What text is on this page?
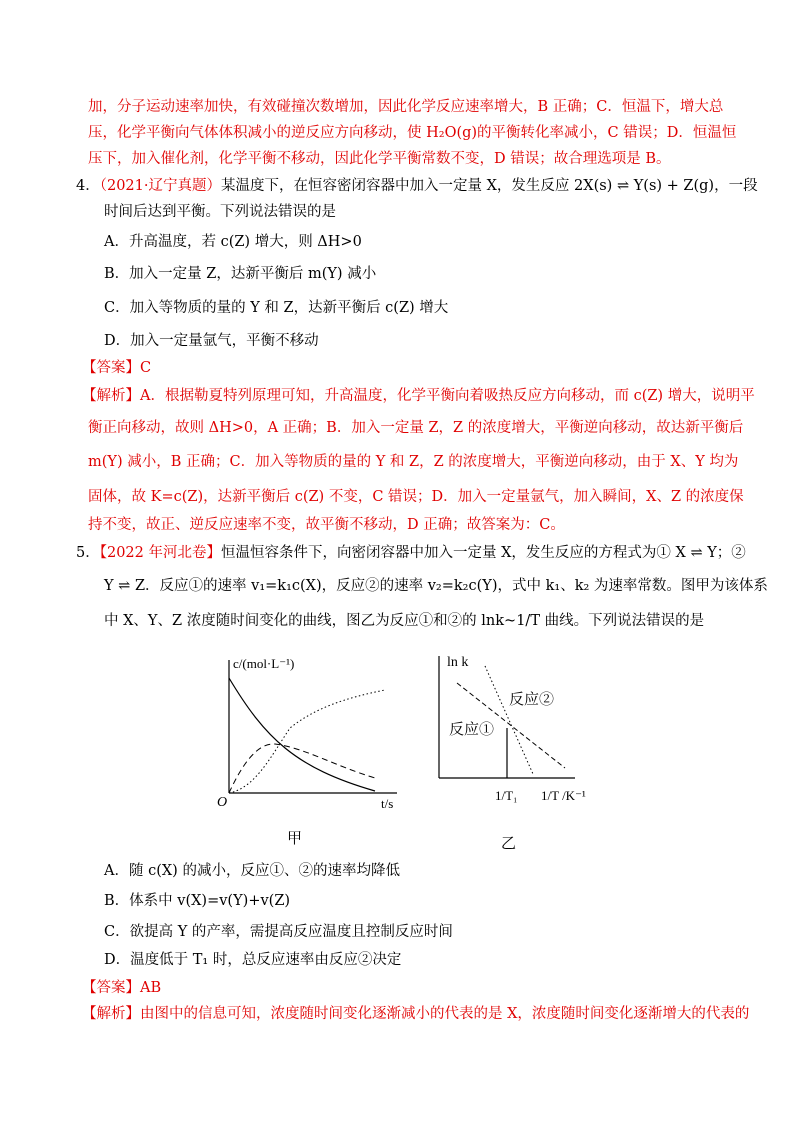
加，分子运动速率加快，有效碰撞次数增加，因此化学反应速率增大，B 正确；C．恒温下，增大总
压，化学平衡向气体体积减小的逆反应方向移动，使 H₂O(g)的平衡转化率减小，C 错误；D．恒温恒
压下，加入催化剂，化学平衡不移动，因此化学平衡常数不变，D 错误；故合理选项是 B。
4．（2021·辽宁真题）某温度下，在恒容密闭容器中加入一定量 X，发生反应 2X(s) ⇌ Y(s) + Z(g)，一段
时间后达到平衡。下列说法错误的是
A．升高温度，若 c(Z) 增大，则 ΔH>0
B．加入一定量 Z，达新平衡后 m(Y) 减小
C．加入等物质的量的 Y 和 Z，达新平衡后 c(Z) 增大
D．加入一定量氩气，平衡不移动
【答案】C
【解析】A．根据勒夏特列原理可知，升高温度，化学平衡向着吸热反应方向移动，而 c(Z) 增大，说明平
衡正向移动，故则 ΔH>0，A 正确；B．加入一定量 Z，Z 的浓度增大，平衡逆向移动，故达新平衡后
m(Y) 减小，B 正确；C．加入等物质的量的 Y 和 Z，Z 的浓度增大，平衡逆向移动，由于 X、Y 均为
固体，故 K=c(Z)，达新平衡后 c(Z) 不变，C 错误；D．加入一定量氩气，加入瞬间，X、Z 的浓度保
持不变，故正、逆反应速率不变，故平衡不移动，D 正确；故答案为：C。
5．【2022 年河北卷】恒温恒容条件下，向密闭容器中加入一定量 X，发生反应的方程式为① X ⇌ Y；②
Y ⇌ Z．反应①的速率 v₁=k₁c(X)，反应②的速率 v₂=k₂c(Y)，式中 k₁、k₂ 为速率常数。图甲为该体系
中 X、Y、Z 浓度随时间变化的曲线，图乙为反应①和②的 lnk~1/T 曲线。下列说法错误的是
c/(mol·L⁻¹)
O	t/s
甲
ln k
反应②
反应①
1/T₁ 1/T /K⁻¹
乙
A．随 c(X) 的减小，反应①、②的速率均降低
B．体系中 v(X)=v(Y)+v(Z)
C．欲提高 Y 的产率，需提高反应温度且控制反应时间
D．温度低于 T₁ 时，总反应速率由反应②决定
【答案】AB
【解析】由图中的信息可知，浓度随时间变化逐渐减小的代表的是 X，浓度随时间变化逐渐增大的代表的
